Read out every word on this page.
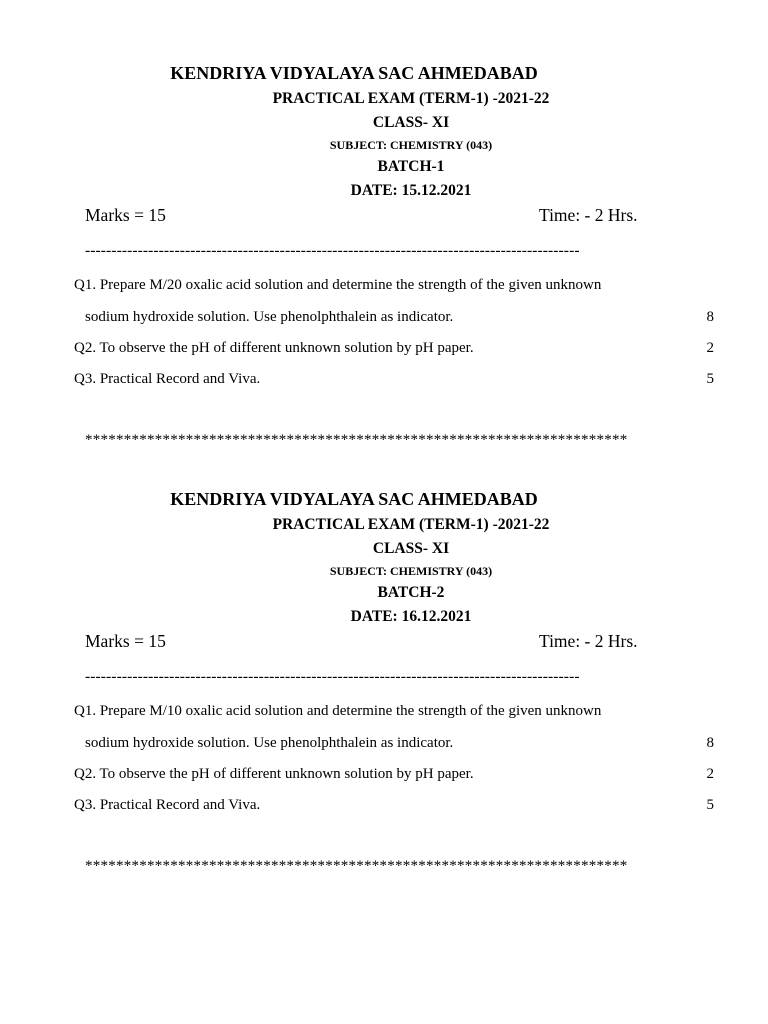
KENDRIYA VIDYALAYA SAC AHMEDABAD
PRACTICAL EXAM (TERM-1) -2021-22
CLASS- XI
SUBJECT: CHEMISTRY (043)
BATCH-1
DATE: 15.12.2021
Marks = 15	Time: - 2 Hrs.
----------------------------------------------------------------------------------------------
Q1. Prepare M/20 oxalic acid solution and determine the strength of the given unknown
sodium hydroxide solution. Use phenolphthalein as indicator.	8
Q2. To observe the pH of different unknown solution by pH paper.	2
Q3. Practical Record and Viva.	5
**********************************************************************
KENDRIYA VIDYALAYA SAC AHMEDABAD
PRACTICAL EXAM (TERM-1) -2021-22
CLASS- XI
SUBJECT: CHEMISTRY (043)
BATCH-2
DATE: 16.12.2021
Marks = 15	Time: - 2 Hrs.
----------------------------------------------------------------------------------------------
Q1. Prepare M/10 oxalic acid solution and determine the strength of the given unknown
sodium hydroxide solution. Use phenolphthalein as indicator.	8
Q2. To observe the pH of different unknown solution by pH paper.	2
Q3. Practical Record and Viva.	5
**********************************************************************
